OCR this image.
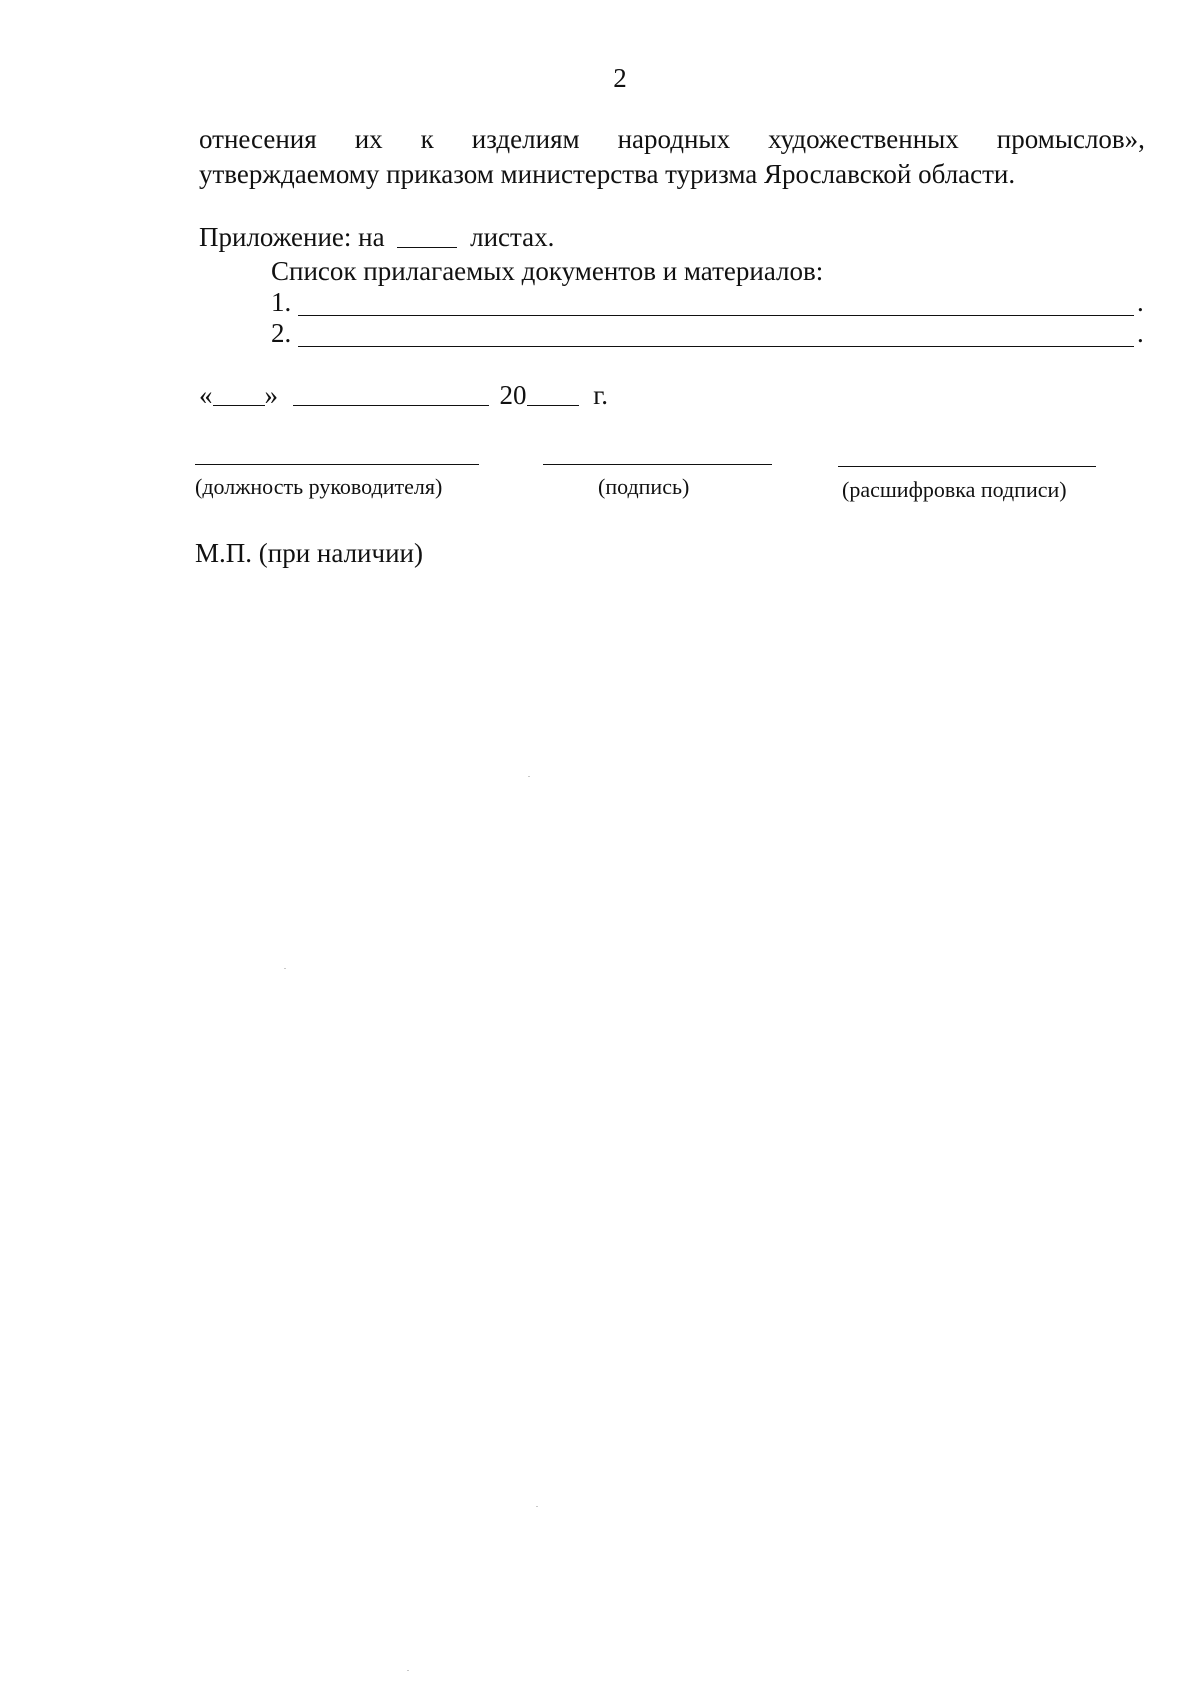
2
отнесения их к изделиям народных художественных промыслов»,
утверждаемому приказом министерства туризма Ярославской области.
Приложение: на	листах.
Список прилагаемых документов и материалов:
1.	.
2.	.
« »	20 г.
(должность руководителя)	(подпись)	(расшифровка подписи)
М.П. (при наличии)
